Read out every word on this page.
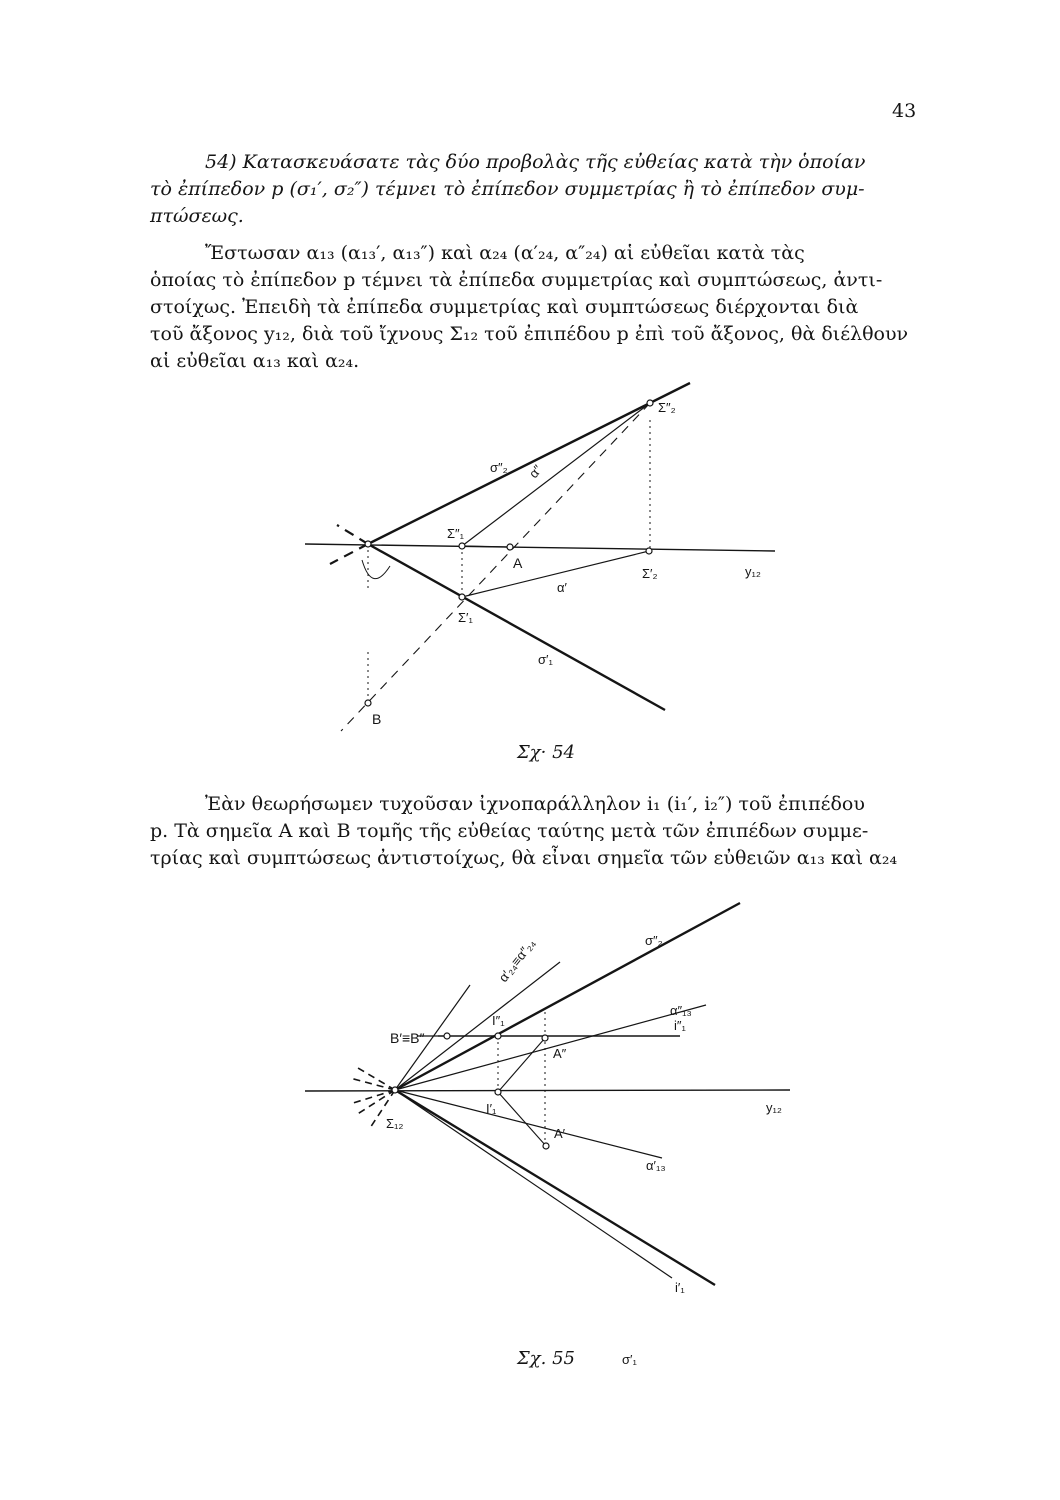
43
54) Κατασκευάσατε τὰς δύο προβολὰς τῆς εὐθείας κατὰ τὴν ὁποίαν
τὸ ἐπίπεδον p (σ₁′, σ₂″) τέμνει τὸ ἐπίπεδον συμμετρίας ἢ τὸ ἐπίπεδον συμ-
πτώσεως.
Ἔστωσαν α₁₃ (α₁₃′, α₁₃″) καὶ α₂₄ (α′₂₄, α″₂₄) αἱ εὐθεῖαι κατὰ τὰς
ὁποίας τὸ ἐπίπεδον p τέμνει τὰ ἐπίπεδα συμμετρίας καὶ συμπτώσεως, ἀντι-
στοίχως. Ἐπειδὴ τὰ ἐπίπεδα συμμετρίας καὶ συμπτώσεως διέρχονται διὰ
τοῦ ἄξονος y₁₂, διὰ τοῦ ἴχνους Σ₁₂ τοῦ ἐπιπέδου p ἐπὶ τοῦ ἄξονος, θὰ διέλθουν
αἱ εὐθεῖαι α₁₃ καὶ α₂₄.
Σ″₂
σ″₂ α″
Σ″₁
A
Σ′₂	y₁₂
α′
Σ′₁
σ′₁
B
α′₂₄≡α″₂₄	σ″₂
α″₁₃
i″₁
I″₁
B′≡B″
A″
Σ₁₂
I′₁	y₁₂
A′
α′₁₃
i′₁
σ′₁
Σχ· 54
Ἐὰν θεωρήσωμεν τυχοῦσαν ἰχνοπαράλληλον i₁ (i₁′, i₂″) τοῦ ἐπιπέδου
p. Τὰ σημεῖα A καὶ B τομῆς τῆς εὐθείας ταύτης μετὰ τῶν ἐπιπέδων συμμε-
τρίας καὶ συμπτώσεως ἀντιστοίχως, θὰ εἶναι σημεῖα τῶν εὐθειῶν α₁₃ καὶ α₂₄
Σχ. 55
